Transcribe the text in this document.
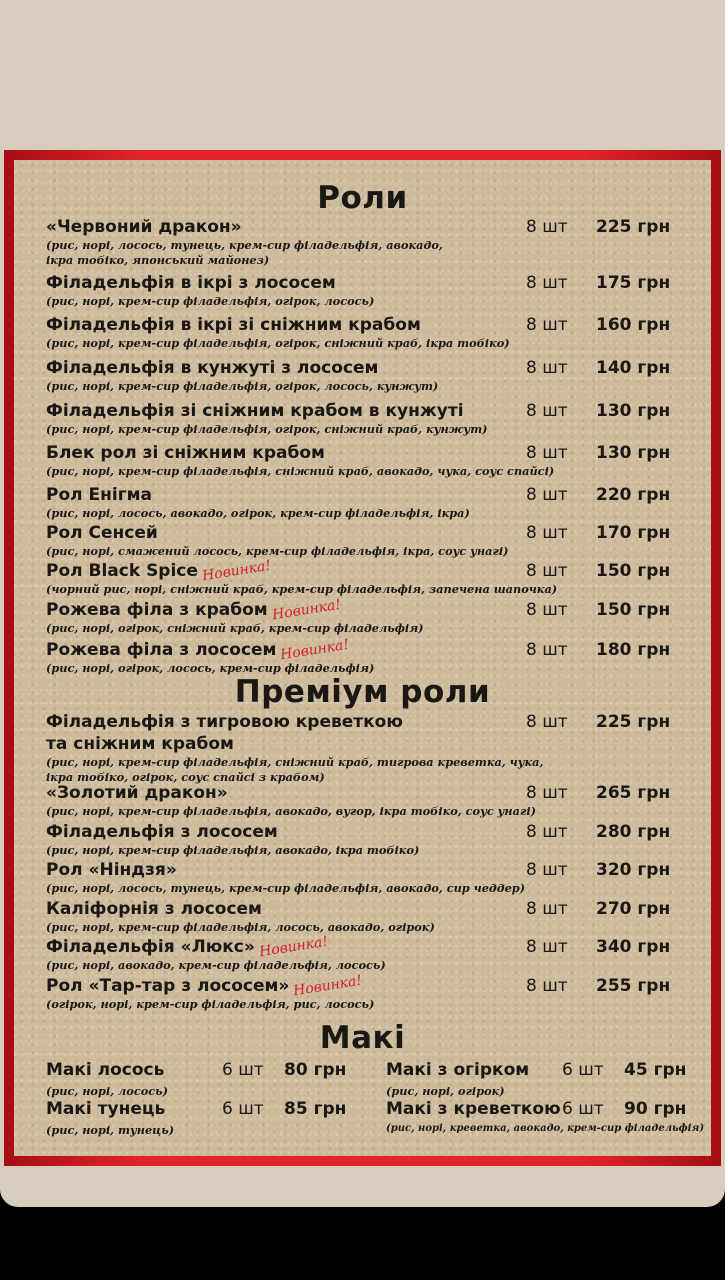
Роли
«Червоний дракон»	8 шт 225 грн
(рис, норі, лосось, тунець, крем-сир філадельфія, авокадо,
ікра тобіко, японський майонез)
Філадельфія в ікрі з лососем	8 шт 175 грн
(рис, норі, крем-сир філадельфія, огірок, лосось)
Філадельфія в ікрі зі сніжним крабом	8 шт 160 грн
(рис, норі, крем-сир філадельфія, огірок, сніжний краб, ікра тобіко)
Філадельфія в кунжуті з лососем	8 шт 140 грн
(рис, норі, крем-сир філадельфія, огірок, лосось, кунжут)
Філадельфія зі сніжним крабом в кунжуті	8 шт 130 грн
(рис, норі, крем-сир філадельфія, огірок, сніжний краб, кунжут)
Блек рол зі сніжним крабом	8 шт 130 грн
(рис, норі, крем-сир філадельфія, сніжний краб, авокадо, чука, соус спайсі)
Рол Енігма	8 шт 220 грн
(рис, норі, лосось, авокадо, огірок, крем-сир філадельфія, ікра)
Рол Сенсей	8 шт 170 грн
(рис, норі, смажений лосось, крем-сир філадельфія, ікра, соус унагі)
Рол Black Spice Новинка!	8 шт 150 грн
(чорний рис, норі, сніжний краб, крем-сир філадельфія, запечена шапочка)
Рожева філа з крабом Новинка!	8 шт 150 грн
(рис, норі, огірок, сніжний краб, крем-сир філадельфія)
Рожева філа з лососем Новинка!	8 шт 180 грн
(рис, норі, огірок, лосось, крем-сир філадельфія)
Преміум роли
Філадельфія з тигровою креветкою
та сніжним крабом
8 шт 225 грн
(рис, норі, крем-сир філадельфія, сніжний краб, тигрова креветка, чука,
ікра тобіко, огірок, соус спайсі з крабом)
«Золотий дракон»	8 шт 265 грн
(рис, норі, крем-сир філадельфія, авокадо, вугор, ікра тобіко, соус унагі)
Філадельфія з лососем	8 шт 280 грн
(рис, норі, крем-сир філадельфія, авокадо, ікра тобіко)
Рол «Ніндзя»	8 шт 320 грн
(рис, норі, лосось, тунець, крем-сир філадельфія, авокадо, сир чеддер)
Каліфорнія з лососем	8 шт 270 грн
(рис, норі, крем-сир філадельфія, лосось, авокадо, огірок)
Філадельфія «Люкс» Новинка!	8 шт 340 грн
(рис, норі, авокадо, крем-сир філадельфія, лосось)
Рол «Тар-тар з лососем» Новинка!	8 шт 255 грн
(огірок, норі, крем-сир філадельфія, рис, лосось)
Макі
Макі лосось	6 шт 80 грн
(рис, норі, лосось)
Макі з огірком 6 шт 45 грн
(рис, норі, огірок)
Макі тунець	6 шт 85 грн
(рис, норі, тунець)
Макі з креветкою 6 шт 90 грн
(рис, норі, креветка, авокадо, крем-сир філадельфія)
